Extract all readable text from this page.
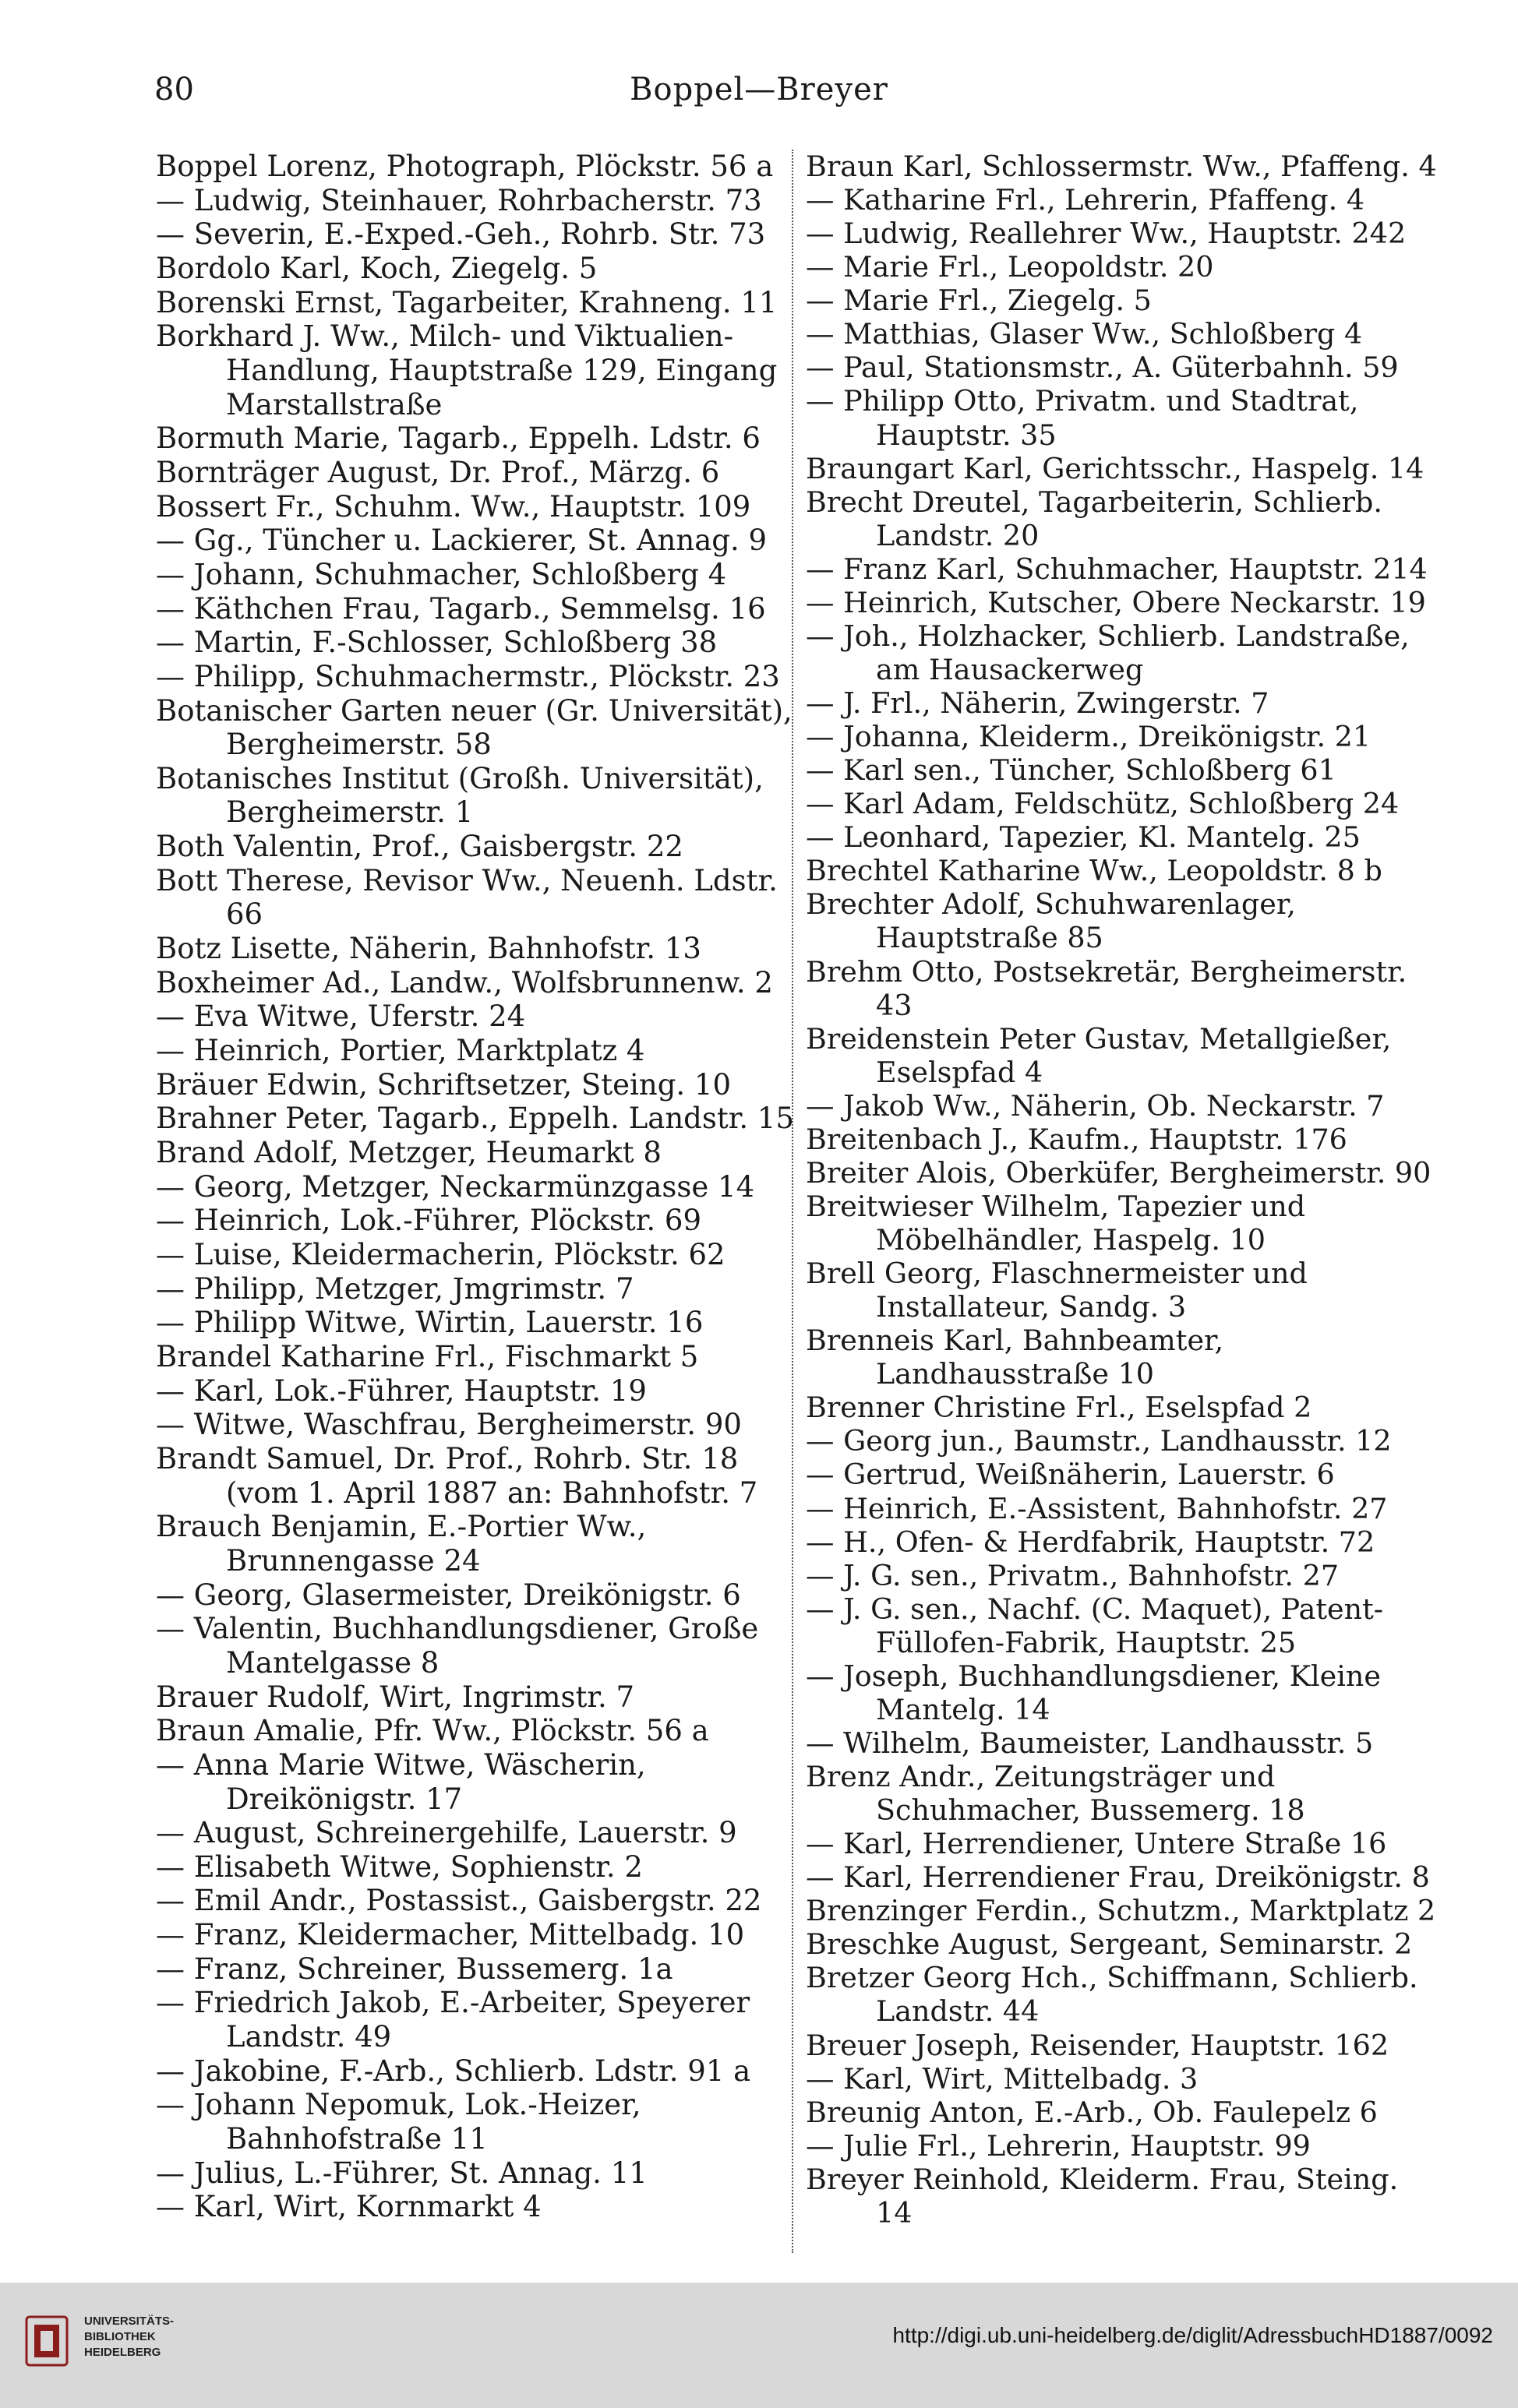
80	Boppel—Breyer
Boppel Lorenz, Photograph, Plöckstr. 56 a
— Ludwig, Steinhauer, Rohrbacherstr. 73
— Severin, E.-Exped.-Geh., Rohrb. Str. 73
Bordolo Karl, Koch, Ziegelg. 5
Borenski Ernst, Tagarbeiter, Krahneng. 11
Borkhard J. Ww., Milch- und Viktualien-Handlung, Hauptstraße 129, Eingang Marstallstraße
Bormuth Marie, Tagarb., Eppelh. Ldstr. 6
Bornträger August, Dr. Prof., Märzg. 6
Bossert Fr., Schuhm. Ww., Hauptstr. 109
— Gg., Tüncher u. Lackierer, St. Annag. 9
— Johann, Schuhmacher, Schloßberg 4
— Käthchen Frau, Tagarb., Semmelsg. 16
— Martin, F.-Schlosser, Schloßberg 38
— Philipp, Schuhmachermstr., Plöckstr. 23
Botanischer Garten neuer (Gr. Universität), Bergheimerstr. 58
Botanisches Institut (Großh. Universität), Bergheimerstr. 1
Both Valentin, Prof., Gaisbergstr. 22
Bott Therese, Revisor Ww., Neuenh. Ldstr. 66
Botz Lisette, Näherin, Bahnhofstr. 13
Boxheimer Ad., Landw., Wolfsbrunnenw. 2
— Eva Witwe, Uferstr. 24
— Heinrich, Portier, Marktplatz 4
Bräuer Edwin, Schriftsetzer, Steing. 10
Brahner Peter, Tagarb., Eppelh. Landstr. 15
Brand Adolf, Metzger, Heumarkt 8
— Georg, Metzger, Neckarmünzgasse 14
— Heinrich, Lok.-Führer, Plöckstr. 69
— Luise, Kleidermacherin, Plöckstr. 62
— Philipp, Metzger, Jmgrimstr. 7
— Philipp Witwe, Wirtin, Lauerstr. 16
Brandel Katharine Frl., Fischmarkt 5
— Karl, Lok.-Führer, Hauptstr. 19
— Witwe, Waschfrau, Bergheimerstr. 90
Brandt Samuel, Dr. Prof., Rohrb. Str. 18 (vom 1. April 1887 an: Bahnhofstr. 7
Brauch Benjamin, E.-Portier Ww., Brunnengasse 24
— Georg, Glasermeister, Dreikönigstr. 6
— Valentin, Buchhandlungsdiener, Große Mantelgasse 8
Brauer Rudolf, Wirt, Ingrimstr. 7
Braun Amalie, Pfr. Ww., Plöckstr. 56 a
— Anna Marie Witwe, Wäscherin, Dreikönigstr. 17
— August, Schreinergehilfe, Lauerstr. 9
— Elisabeth Witwe, Sophienstr. 2
— Emil Andr., Postassist., Gaisbergstr. 22
— Franz, Kleidermacher, Mittelbadg. 10
— Franz, Schreiner, Bussemerg. 1a
— Friedrich Jakob, E.-Arbeiter, Speyerer Landstr. 49
— Jakobine, F.-Arb., Schlierb. Ldstr. 91 a
— Johann Nepomuk, Lok.-Heizer, Bahnhofstraße 11
— Julius, L.-Führer, St. Annag. 11
— Karl, Wirt, Kornmarkt 4
Braun Karl, Schlossermstr. Ww., Pfaffeng. 4
— Katharine Frl., Lehrerin, Pfaffeng. 4
— Ludwig, Reallehrer Ww., Hauptstr. 242
— Marie Frl., Leopoldstr. 20
— Marie Frl., Ziegelg. 5
— Matthias, Glaser Ww., Schloßberg 4
— Paul, Stationsmstr., A. Güterbahnh. 59
— Philipp Otto, Privatm. und Stadtrat, Hauptstr. 35
Braungart Karl, Gerichtsschr., Haspelg. 14
Brecht Dreutel, Tagarbeiterin, Schlierb. Landstr. 20
— Franz Karl, Schuhmacher, Hauptstr. 214
— Heinrich, Kutscher, Obere Neckarstr. 19
— Joh., Holzhacker, Schlierb. Landstraße, am Hausackerweg
— J. Frl., Näherin, Zwingerstr. 7
— Johanna, Kleiderm., Dreikönigstr. 21
— Karl sen., Tüncher, Schloßberg 61
— Karl Adam, Feldschütz, Schloßberg 24
— Leonhard, Tapezier, Kl. Mantelg. 25
Brechtel Katharine Ww., Leopoldstr. 8 b
Brechter Adolf, Schuhwarenlager, Hauptstraße 85
Brehm Otto, Postsekretär, Bergheimerstr. 43
Breidenstein Peter Gustav, Metallgießer, Eselspfad 4
— Jakob Ww., Näherin, Ob. Neckarstr. 7
Breitenbach J., Kaufm., Hauptstr. 176
Breiter Alois, Oberküfer, Bergheimerstr. 90
Breitwieser Wilhelm, Tapezier und Möbelhändler, Haspelg. 10
Brell Georg, Flaschnermeister und Installateur, Sandg. 3
Brenneis Karl, Bahnbeamter, Landhausstraße 10
Brenner Christine Frl., Eselspfad 2
— Georg jun., Baumstr., Landhausstr. 12
— Gertrud, Weißnäherin, Lauerstr. 6
— Heinrich, E.-Assistent, Bahnhofstr. 27
— H., Ofen- & Herdfabrik, Hauptstr. 72
— J. G. sen., Privatm., Bahnhofstr. 27
— J. G. sen., Nachf. (C. Maquet), Patent-Füllofen-Fabrik, Hauptstr. 25
— Joseph, Buchhandlungsdiener, Kleine Mantelg. 14
— Wilhelm, Baumeister, Landhausstr. 5
Brenz Andr., Zeitungsträger und Schuhmacher, Bussemerg. 18
— Karl, Herrendiener, Untere Straße 16
— Karl, Herrendiener Frau, Dreikönigstr. 8
Brenzinger Ferdin., Schutzm., Marktplatz 2
Breschke August, Sergeant, Seminarstr. 2
Bretzer Georg Hch., Schiffmann, Schlierb. Landstr. 44
Breuer Joseph, Reisender, Hauptstr. 162
— Karl, Wirt, Mittelbadg. 3
Breunig Anton, E.-Arb., Ob. Faulepelz 6
— Julie Frl., Lehrerin, Hauptstr. 99
Breyer Reinhold, Kleiderm. Frau, Steing. 14
UNIVERSITÄTS-
BIBLIOTHEK
HEIDELBERG
http://digi.ub.uni-heidelberg.de/diglit/AdressbuchHD1887/0092
